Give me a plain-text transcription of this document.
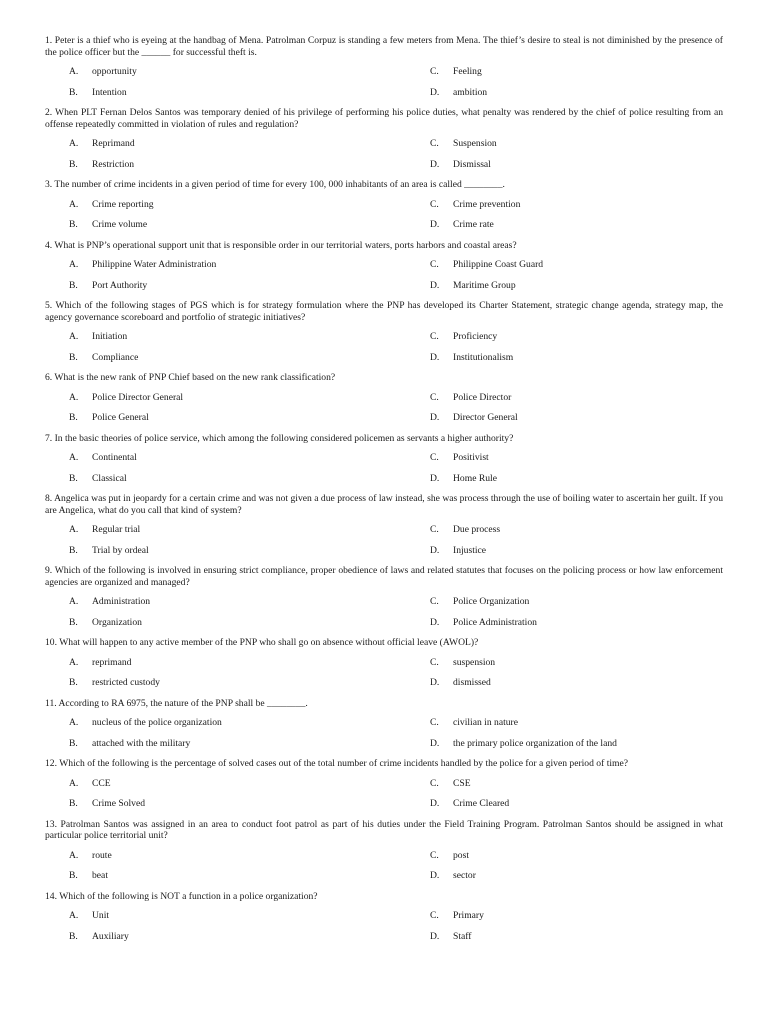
1. Peter is a thief who is eyeing at the handbag of Mena. Patrolman Corpuz is standing a few meters from Mena. The thief’s desire to steal is not diminished by the presence of the police officer but the ______ for successful theft is.

A.	opportunity	C.	Feeling
B.	Intention	D.	ambition

2. When PLT Fernan Delos Santos was temporary denied of his privilege of performing his police duties, what penalty was rendered by the chief of police resulting from an offense repeatedly committed in violation of rules and regulation?

A.	Reprimand	C.	Suspension
B.	Restriction	D.	Dismissal

3. The number of crime incidents in a given period of time for every 100, 000 inhabitants of an area is called ________.

A.	Crime reporting	C.	Crime prevention
B.	Crime volume	D.	Crime rate

4. What is PNP’s operational support unit that is responsible order in our territorial waters, ports harbors and coastal areas?

A.	Philippine Water Administration	C.	Philippine Coast Guard
B.	Port Authority	D.	Maritime Group

5. Which of the following stages of PGS which is for strategy formulation where the PNP has developed its Charter Statement, strategic change agenda, strategy map, the agency governance scoreboard and portfolio of strategic initiatives?

A.	Initiation	C.	Proficiency
B.	Compliance	D.	Institutionalism

6. What is the new rank of PNP Chief based on the new rank classification?

A.	Police Director General	C.	Police Director
B.	Police General	D.	Director General

7. In the basic theories of police service, which among the following considered policemen as servants a higher authority?

A.	Continental	C.	Positivist
B.	Classical	D.	Home Rule

8. Angelica was put in jeopardy for a certain crime and was not given a due process of law instead, she was process through the use of boiling water to ascertain her guilt. If you are Angelica, what do you call that kind of system?

A.	Regular trial	C.	Due process
B.	Trial by ordeal	D.	Injustice

9. Which of the following is involved in ensuring strict compliance, proper obedience of laws and related statutes that focuses on the policing process or how law enforcement agencies are organized and managed?

A.	Administration	C.	Police Organization
B.	Organization	D.	Police Administration

10. What will happen to any active member of the PNP who shall go on absence without official leave (AWOL)?

A.	reprimand	C.	suspension
B.	restricted custody	D.	dismissed

11. According to RA 6975, the nature of the PNP shall be ________.

A.	nucleus of the police organization	C.	civilian in nature
B.	attached with the military	D.	the primary police organization of the land

12. Which of the following is the percentage of solved cases out of the total number of crime incidents handled by the police for a given period of time?

A.	CCE	C.	CSE
B.	Crime Solved	D.	Crime Cleared

13. Patrolman Santos was assigned in an area to conduct foot patrol as part of his duties under the Field Training Program. Patrolman Santos should be assigned in what particular police territorial unit?

A.	route	C.	post
B.	beat	D.	sector

14. Which of the following is NOT a function in a police organization?

A.	Unit	C.	Primary
B.	Auxiliary	D.	Staff
